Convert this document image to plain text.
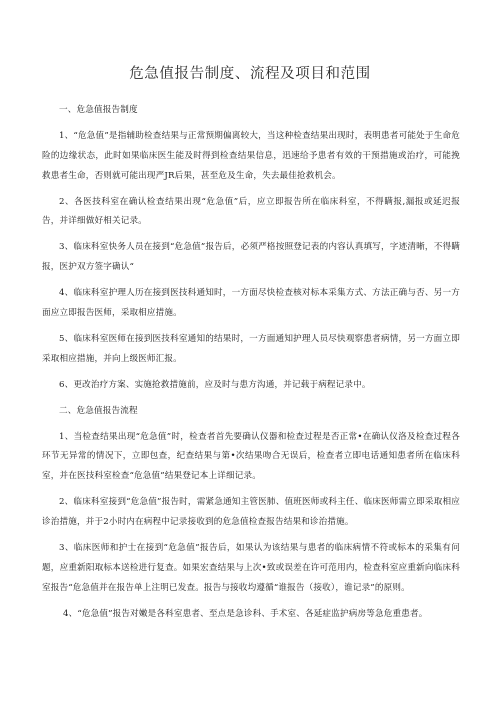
危急值报告制度、流程及项目和范围

一、危急值报告制度

1、“危急值”是指辅助检查结果与正常预期偏离较大，当这种检查结果出现时，表明患者可能处于生命危险的边缘状态，此时如果临床医生能及时得到检查结果信息，迅速给予患者有效的干预措施或治疗，可能挽救患者生命，否则就可能出现严JR后果，甚至危及生命，失去最佳抢救机会。

2、各医技科室在确认检查结果出现“危急值”后，应立即报告所在临床科室，不得瞒报,漏报或延迟报告，并详细做好相关记录。

3、临床科室快务人员在接到“危急值”报告后，必须严格按照登记表的内容认真填写，字迹清晰，不得瞒报，医护双方签字确认“

4、临床科室护理人历在接到医技科通知时，一方面尽快检查核对标本采集方式、方法正确与否、另一方面应立即报告医师，采取相应措施。

5、临床科室医师在接到医技科室通知的结果时，一方面通知护理人员尽快观察患者病情，另一方面立即采取相应措施，并向上级医师汇报。

6、更改治疗方案、实施抢救措施前，应及时与患方沟通，并记载于病程记录中。

二、危急值报告流程

1、当检查结果出现“危急值”时，检查者首先要确认仪器和检查过程是否正常•在确认仪洛及检查过程各环节无异常的情况下，立即包查，纪查结果与第•次结果吻合无误后，检查者立即电话通知患者所在临床科室，并在医技科室检查“危急值”结果登记本上详细记录。

2、临床科室接到“危急值”报告时，需紧急通知主管医肺、值班医师或科主任、临床医师需立即采取相应诊治措施，并于2小时内在病程中记录接收到的危急值检查报告结果和诊治措施。

3、临床医师和护士在接到“危急值”报告后，如果认为该结果与患者的临床病情不符或标本的采集有问题，应重新阳取标本送检进行复查。如果宏查结果与上次•致或误差在许可范用内，检查科室应重新向临床科室报告“危急值并在报告单上注明已发查。报告与接收均遵循“谁报告（接收），谁记录”的原则。

4、“危急值”报告对嫩是各科室患者、至点是急诊科、手术室、各延症监护病房等急危重患者。
